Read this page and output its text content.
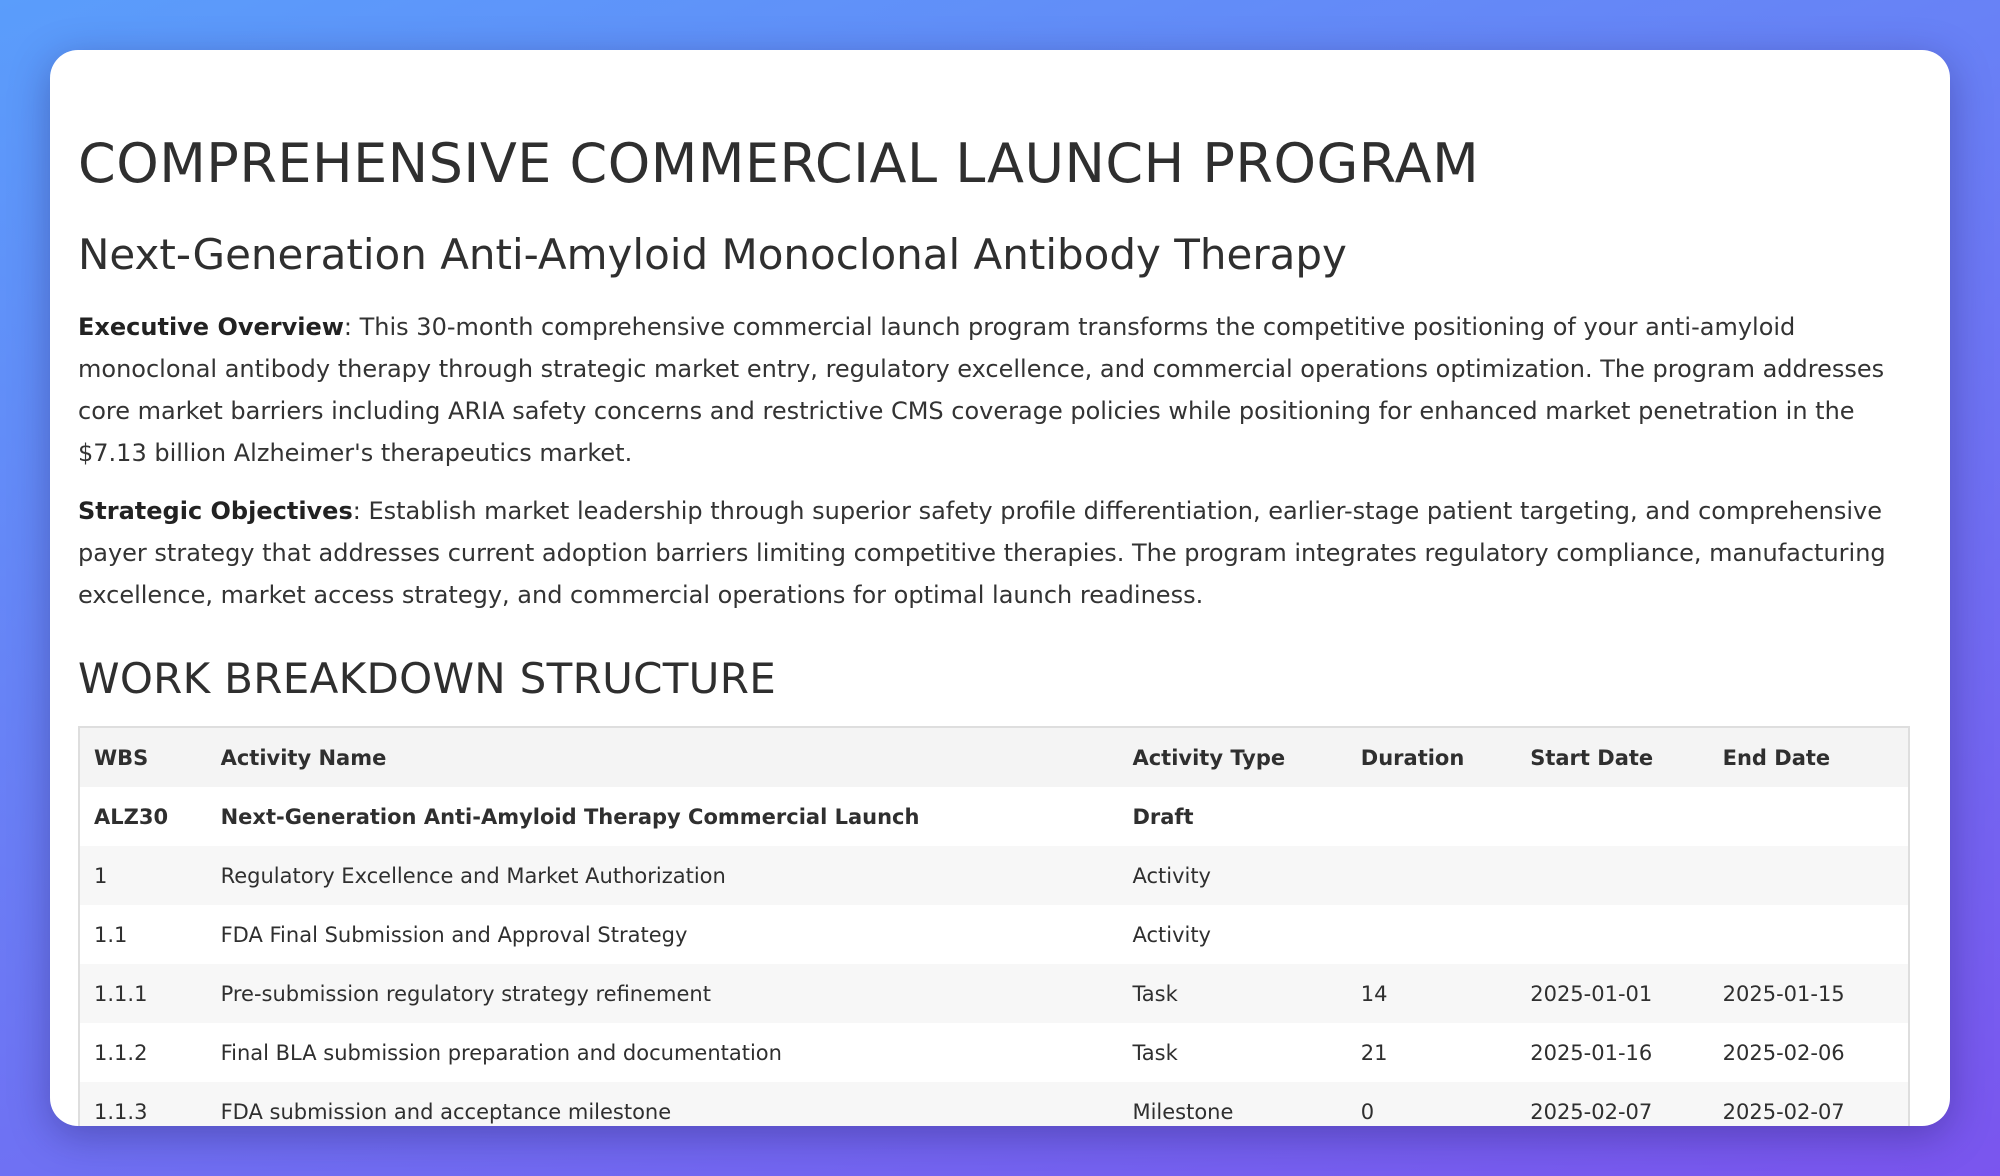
COMPREHENSIVE COMMERCIAL LAUNCH PROGRAM
Next-Generation Anti-Amyloid Monoclonal Antibody Therapy

Executive Overview: This 30-month comprehensive commercial launch program transforms the competitive positioning of your anti-amyloid monoclonal antibody therapy through strategic market entry, regulatory excellence, and commercial operations optimization. The program addresses core market barriers including ARIA safety concerns and restrictive CMS coverage policies while positioning for enhanced market penetration in the $7.13 billion Alzheimer's therapeutics market.

Strategic Objectives: Establish market leadership through superior safety profile differentiation, earlier-stage patient targeting, and comprehensive payer strategy that addresses current adoption barriers limiting competitive therapies. The program integrates regulatory compliance, manufacturing excellence, market access strategy, and commercial operations for optimal launch readiness.

WORK BREAKDOWN STRUCTURE
WBS	Activity Name	Activity Type	Duration	Start Date	End Date
ALZ30	Next-Generation Anti-Amyloid Therapy Commercial Launch	Draft			
1	Regulatory Excellence and Market Authorization	Activity			
1.1	FDA Final Submission and Approval Strategy	Activity			
1.1.1	Pre-submission regulatory strategy refinement	Task	14	2025-01-01	2025-01-15
1.1.2	Final BLA submission preparation and documentation	Task	21	2025-01-16	2025-02-06
1.1.3	FDA submission and acceptance milestone	Milestone	0	2025-02-07	2025-02-07
